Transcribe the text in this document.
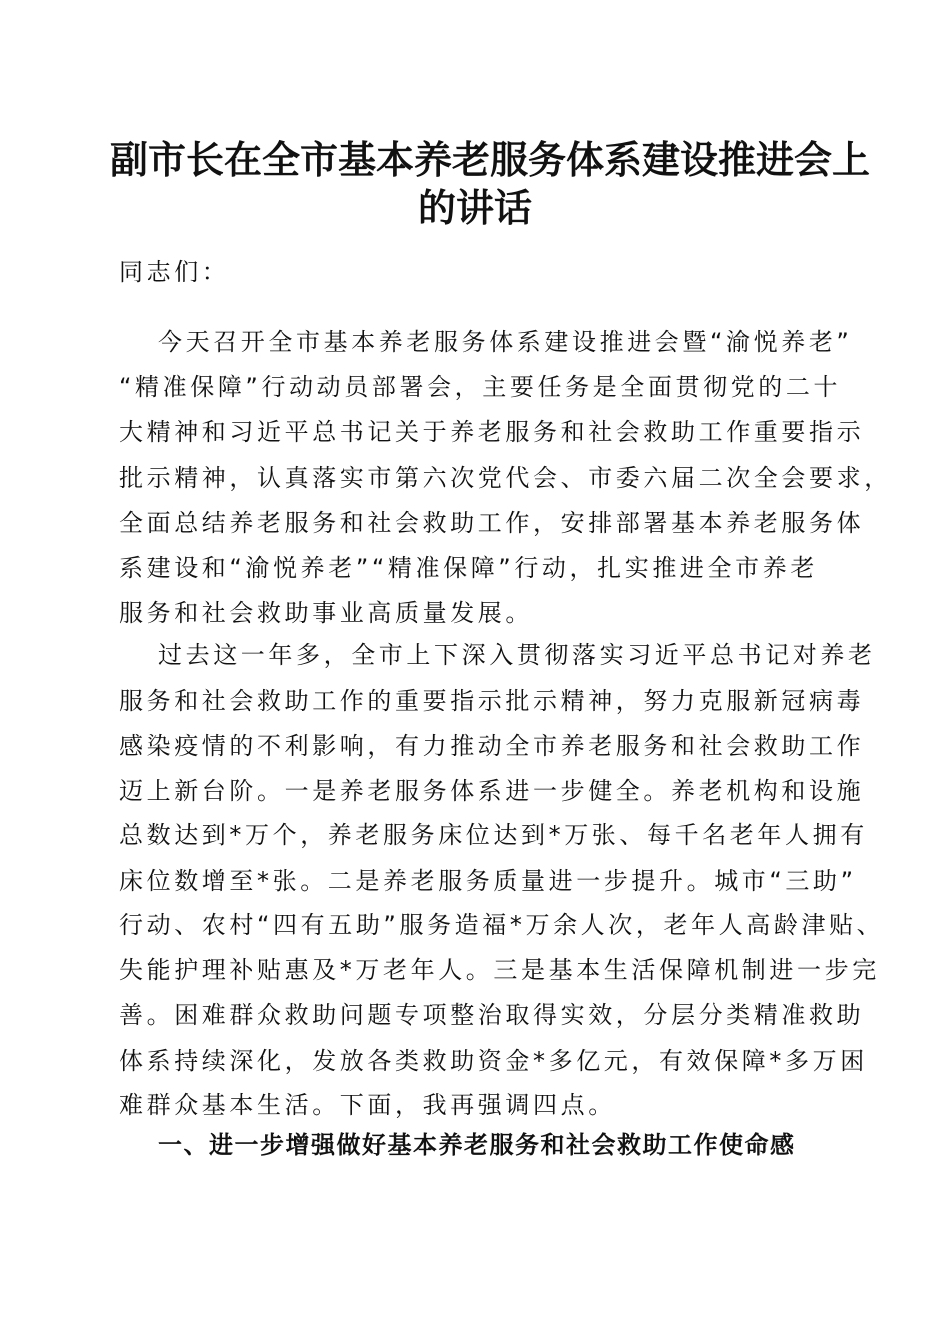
副市长在全市基本养老服务体系建设推进会上
的讲话
同志们：
今天召开全市基本养老服务体系建设推进会暨“渝悦养老”
“精准保障”行动动员部署会，主要任务是全面贯彻党的二十
大精神和习近平总书记关于养老服务和社会救助工作重要指示
批示精神，认真落实市第六次党代会、市委六届二次全会要求，
全面总结养老服务和社会救助工作，安排部署基本养老服务体
系建设和“渝悦养老”“精准保障”行动，扎实推进全市养老
服务和社会救助事业高质量发展。
过去这一年多，全市上下深入贯彻落实习近平总书记对养老
服务和社会救助工作的重要指示批示精神，努力克服新冠病毒
感染疫情的不利影响，有力推动全市养老服务和社会救助工作
迈上新台阶。一是养老服务体系进一步健全。养老机构和设施
总数达到*万个，养老服务床位达到*万张、每千名老年人拥有
床位数增至*张。二是养老服务质量进一步提升。城市“三助”
行动、农村“四有五助”服务造福*万余人次，老年人高龄津贴、
失能护理补贴惠及*万老年人。三是基本生活保障机制进一步完
善。困难群众救助问题专项整治取得实效，分层分类精准救助
体系持续深化，发放各类救助资金*多亿元，有效保障*多万困
难群众基本生活。下面，我再强调四点。
一、进一步增强做好基本养老服务和社会救助工作使命感
